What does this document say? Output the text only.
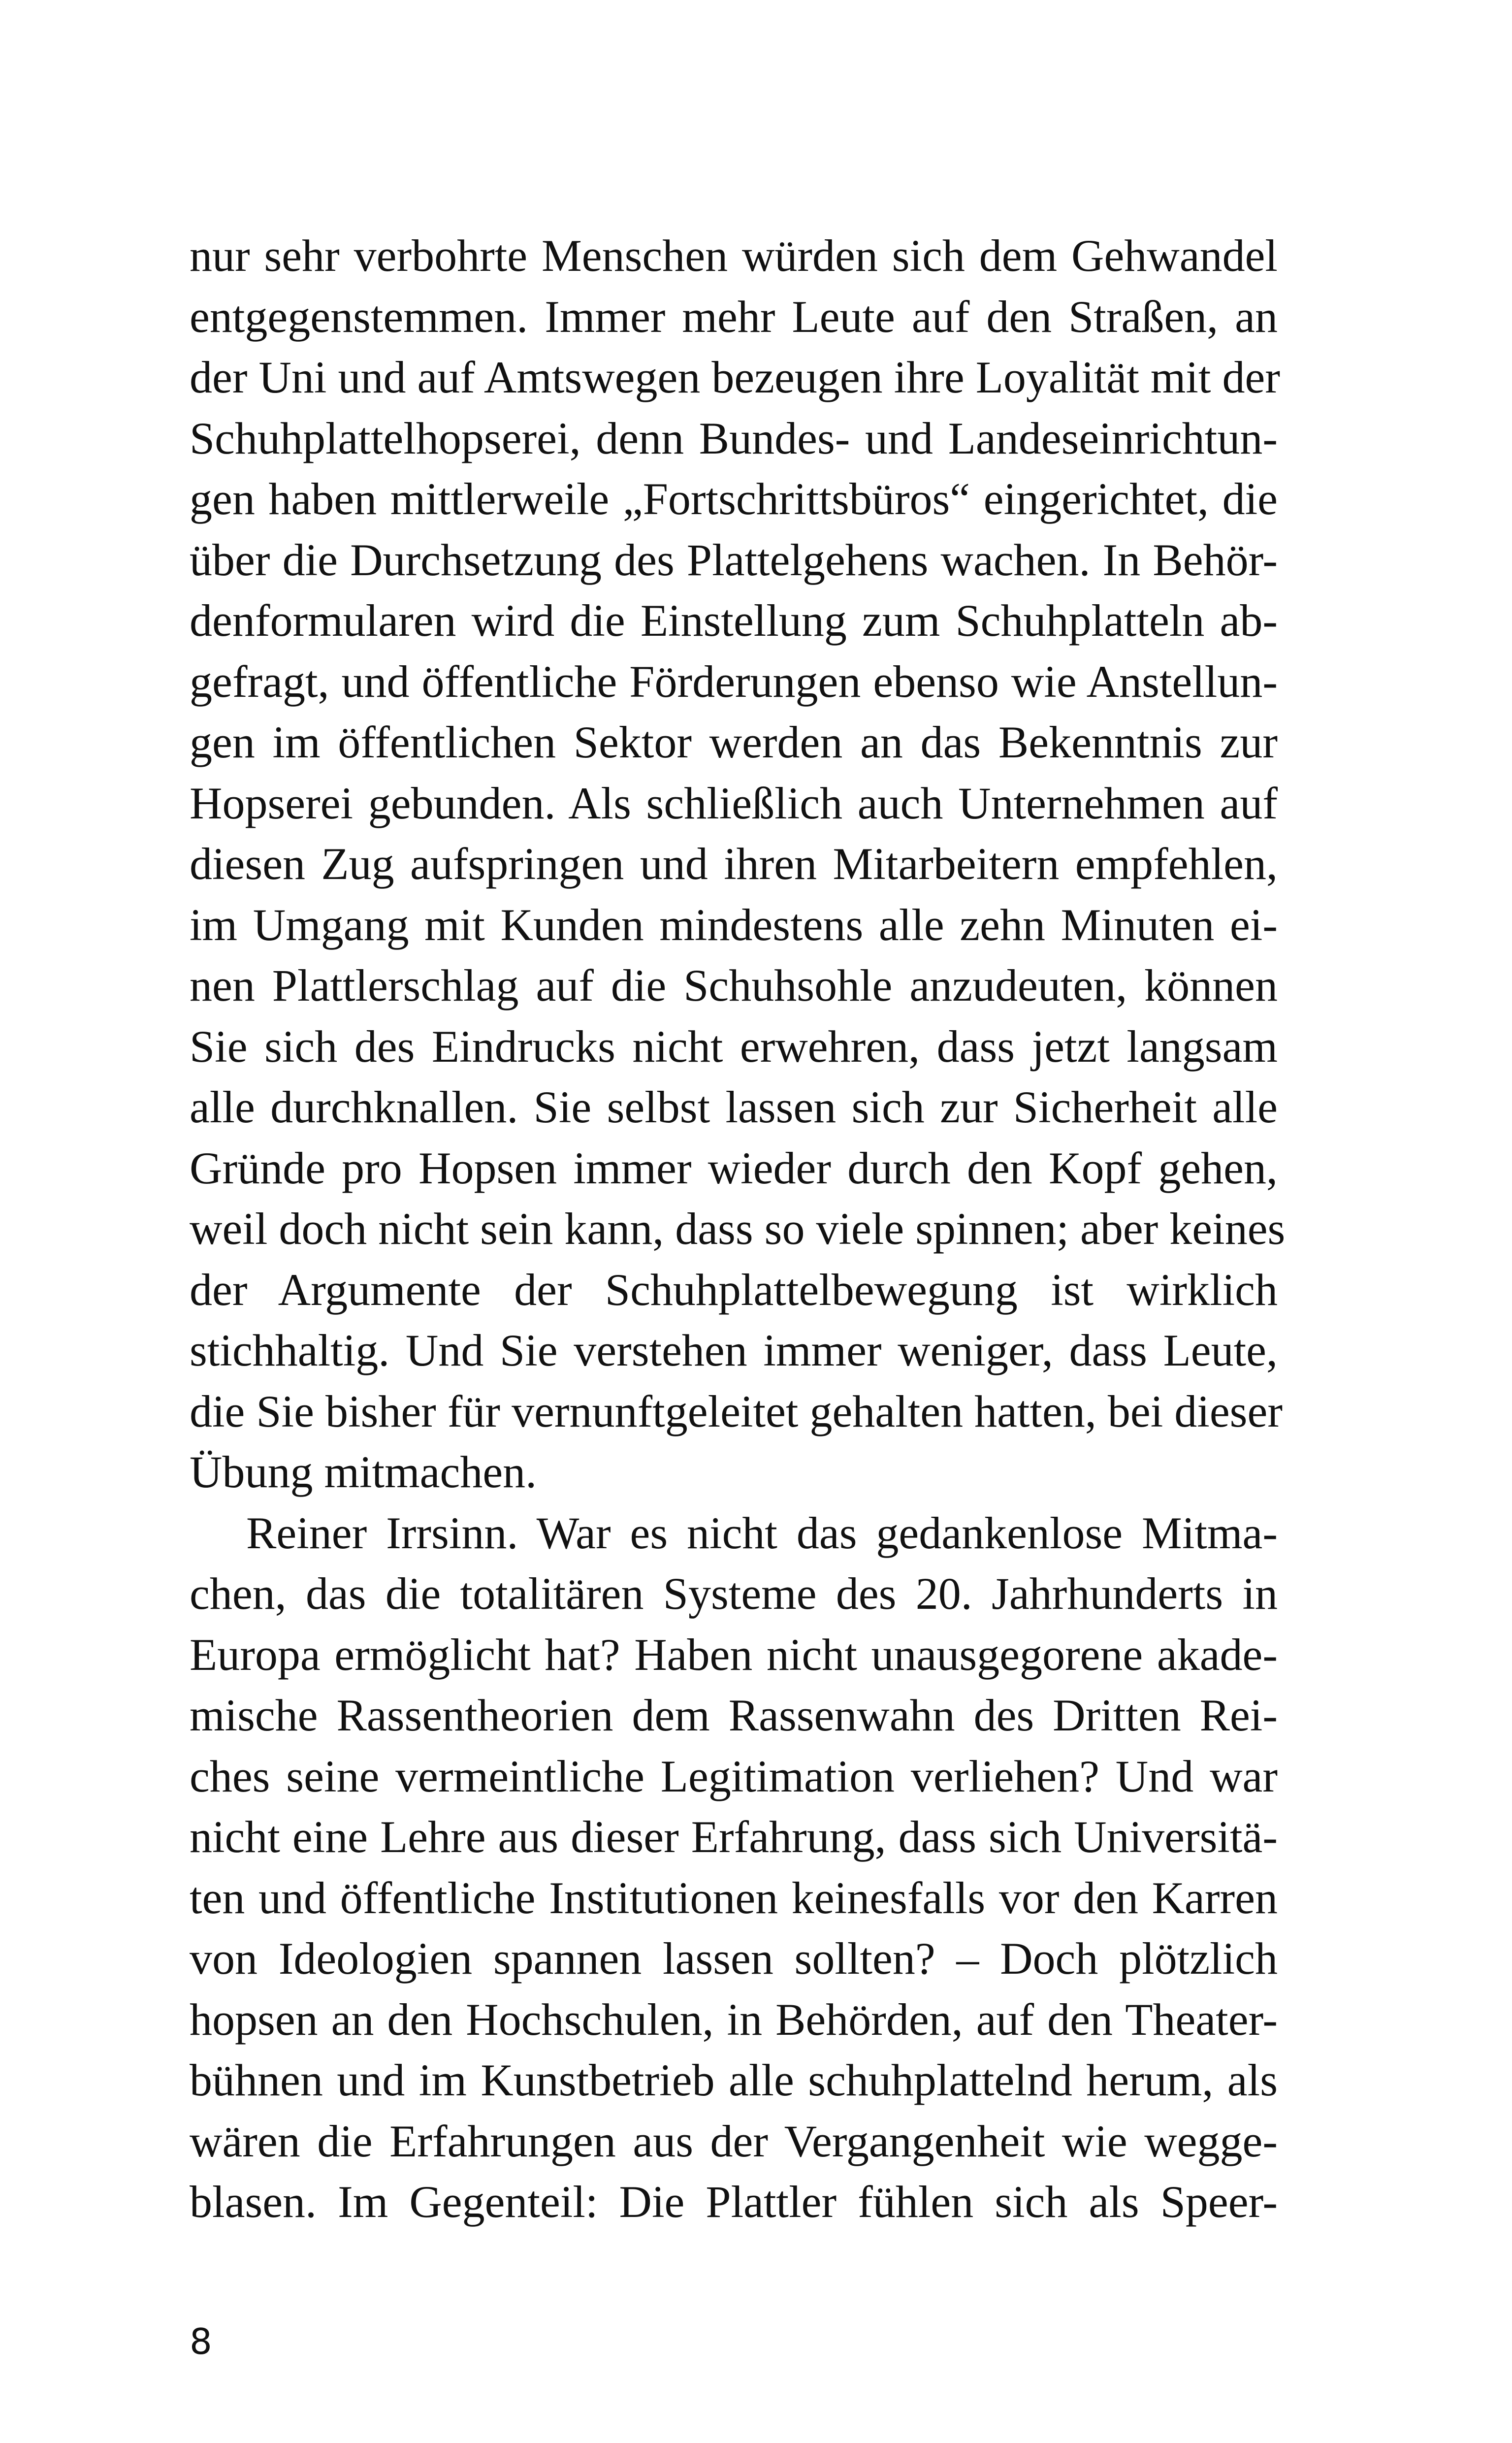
nur sehr verbohrte Menschen würden sich dem Gehwandel
entgegenstemmen. Immer mehr Leute auf den Straßen, an
der Uni und auf Amtswegen bezeugen ihre Loyalität mit der
Schuhplattelhopserei, denn Bundes- und Landeseinrichtun-
gen haben mittlerweile „Fortschrittsbüros“ eingerichtet, die
über die Durchsetzung des Plattelgehens wachen. In Behör-
denformularen wird die Einstellung zum Schuhplatteln ab-
gefragt, und öffentliche Förderungen ebenso wie Anstellun-
gen im öffentlichen Sektor werden an das Bekenntnis zur
Hopserei gebunden. Als schließlich auch Unternehmen auf
diesen Zug aufspringen und ihren Mitarbeitern empfehlen,
im Umgang mit Kunden mindestens alle zehn Minuten ei-
nen Plattlerschlag auf die Schuhsohle anzudeuten, können
Sie sich des Eindrucks nicht erwehren, dass jetzt langsam
alle durchknallen. Sie selbst lassen sich zur Sicherheit alle
Gründe pro Hopsen immer wieder durch den Kopf gehen,
weil doch nicht sein kann, dass so viele spinnen; aber keines
der Argumente der Schuhplattelbewegung ist wirklich
stichhaltig. Und Sie verstehen immer weniger, dass Leute,
die Sie bisher für vernunftgeleitet gehalten hatten, bei dieser
Übung mitmachen.
Reiner Irrsinn. War es nicht das gedankenlose Mitma-
chen, das die totalitären Systeme des 20. Jahrhunderts in
Europa ermöglicht hat? Haben nicht unausgegorene akade-
mische Rassentheorien dem Rassenwahn des Dritten Rei-
ches seine vermeintliche Legitimation verliehen? Und war
nicht eine Lehre aus dieser Erfahrung, dass sich Universitä-
ten und öffentliche Institutionen keinesfalls vor den Karren
von Ideologien spannen lassen sollten? – Doch plötzlich
hopsen an den Hochschulen, in Behörden, auf den Theater-
bühnen und im Kunstbetrieb alle schuhplattelnd herum, als
wären die Erfahrungen aus der Vergangenheit wie wegge-
blasen. Im Gegenteil: Die Plattler fühlen sich als Speer-
8
